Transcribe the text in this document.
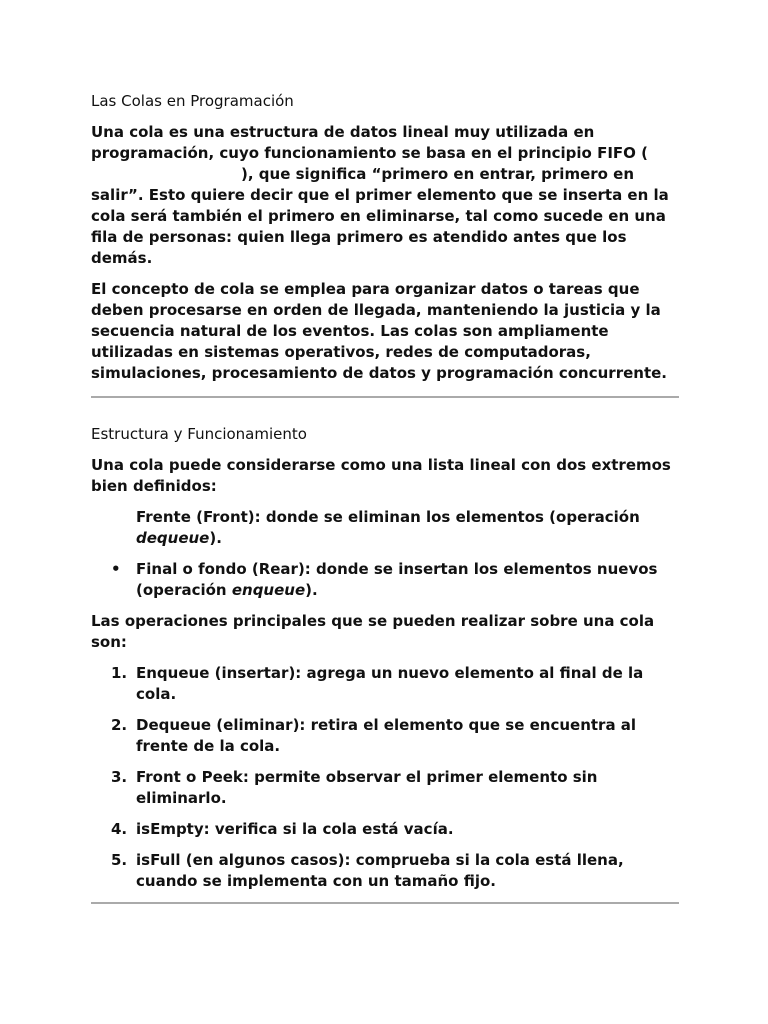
Las Colas en Programación

Una cola es una estructura de datos lineal muy utilizada en programación, cuyo funcionamiento se basa en el principio FIFO (), que significa “primero en entrar, primero en salir”. Esto quiere decir que el primer elemento que se inserta en la cola será también el primero en eliminarse, tal como sucede en una fila de personas: quien llega primero es atendido antes que los demás.

El concepto de cola se emplea para organizar datos o tareas que deben procesarse en orden de llegada, manteniendo la justicia y la secuencia natural de los eventos. Las colas son ampliamente utilizadas en sistemas operativos, redes de computadoras, simulaciones, procesamiento de datos y programación concurrente.

Estructura y Funcionamiento

Una cola puede considerarse como una lista lineal con dos extremos bien definidos:

Frente (Front): donde se eliminan los elementos (operación dequeue).
• Final o fondo (Rear): donde se insertan los elementos nuevos (operación enqueue).

Las operaciones principales que se pueden realizar sobre una cola son:

1. Enqueue (insertar): agrega un nuevo elemento al final de la cola.
2. Dequeue (eliminar): retira el elemento que se encuentra al frente de la cola.
3. Front o Peek: permite observar el primer elemento sin eliminarlo.
4. isEmpty: verifica si la cola está vacía.
5. isFull (en algunos casos): comprueba si la cola está llena, cuando se implementa con un tamaño fijo.
